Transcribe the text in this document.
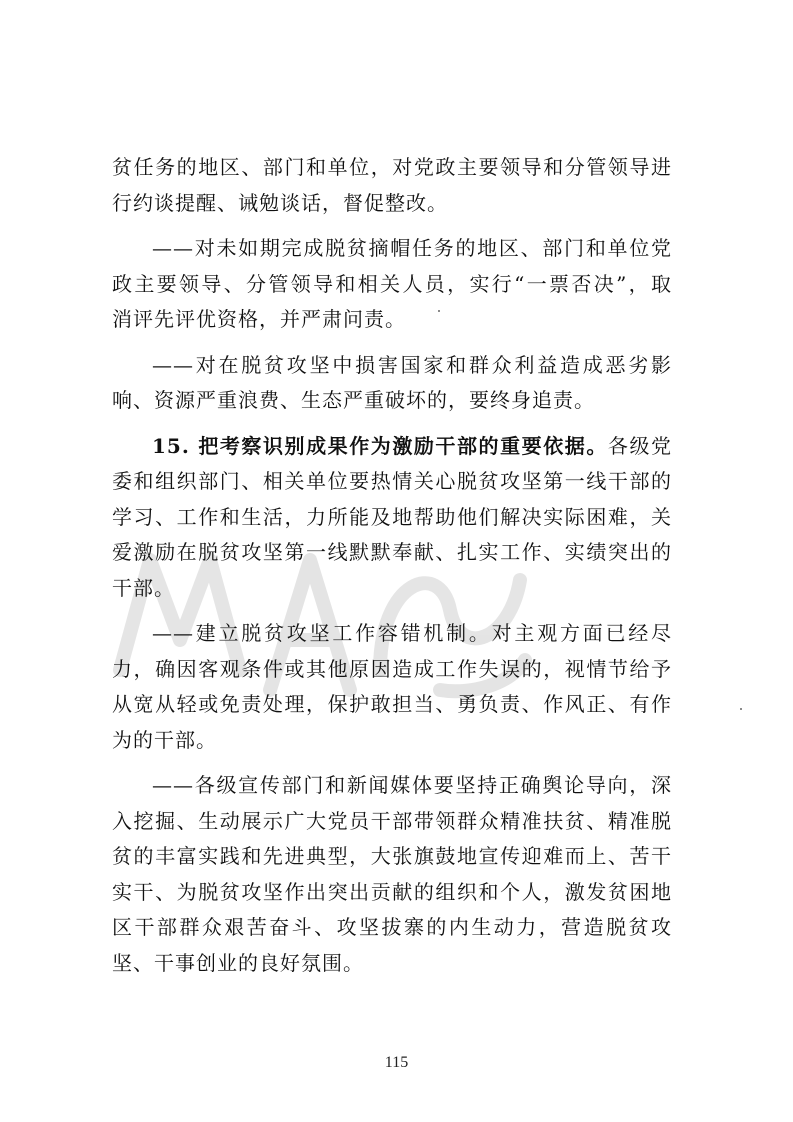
贫任务的地区、部门和单位，对党政主要领导和分管领导进
行约谈提醒、诫勉谈话，督促整改。
——对未如期完成脱贫摘帽任务的地区、部门和单位党
政主要领导、分管领导和相关人员，实行“一票否决”，取
消评先评优资格，并严肃问责。
——对在脱贫攻坚中损害国家和群众利益造成恶劣影
响、资源严重浪费、生态严重破坏的，要终身追责。
15. 把考察识别成果作为激励干部的重要依据。各级党
委和组织部门、相关单位要热情关心脱贫攻坚第一线干部的
学习、工作和生活，力所能及地帮助他们解决实际困难，关
爱激励在脱贫攻坚第一线默默奉献、扎实工作、实绩突出的
干部。
——建立脱贫攻坚工作容错机制。对主观方面已经尽
力，确因客观条件或其他原因造成工作失误的，视情节给予
从宽从轻或免责处理，保护敢担当、勇负责、作风正、有作
为的干部。
——各级宣传部门和新闻媒体要坚持正确舆论导向，深
入挖掘、生动展示广大党员干部带领群众精准扶贫、精准脱
贫的丰富实践和先进典型，大张旗鼓地宣传迎难而上、苦干
实干、为脱贫攻坚作出突出贡献的组织和个人，激发贫困地
区干部群众艰苦奋斗、攻坚拔寨的内生动力，营造脱贫攻
坚、干事创业的良好氛围。
115
